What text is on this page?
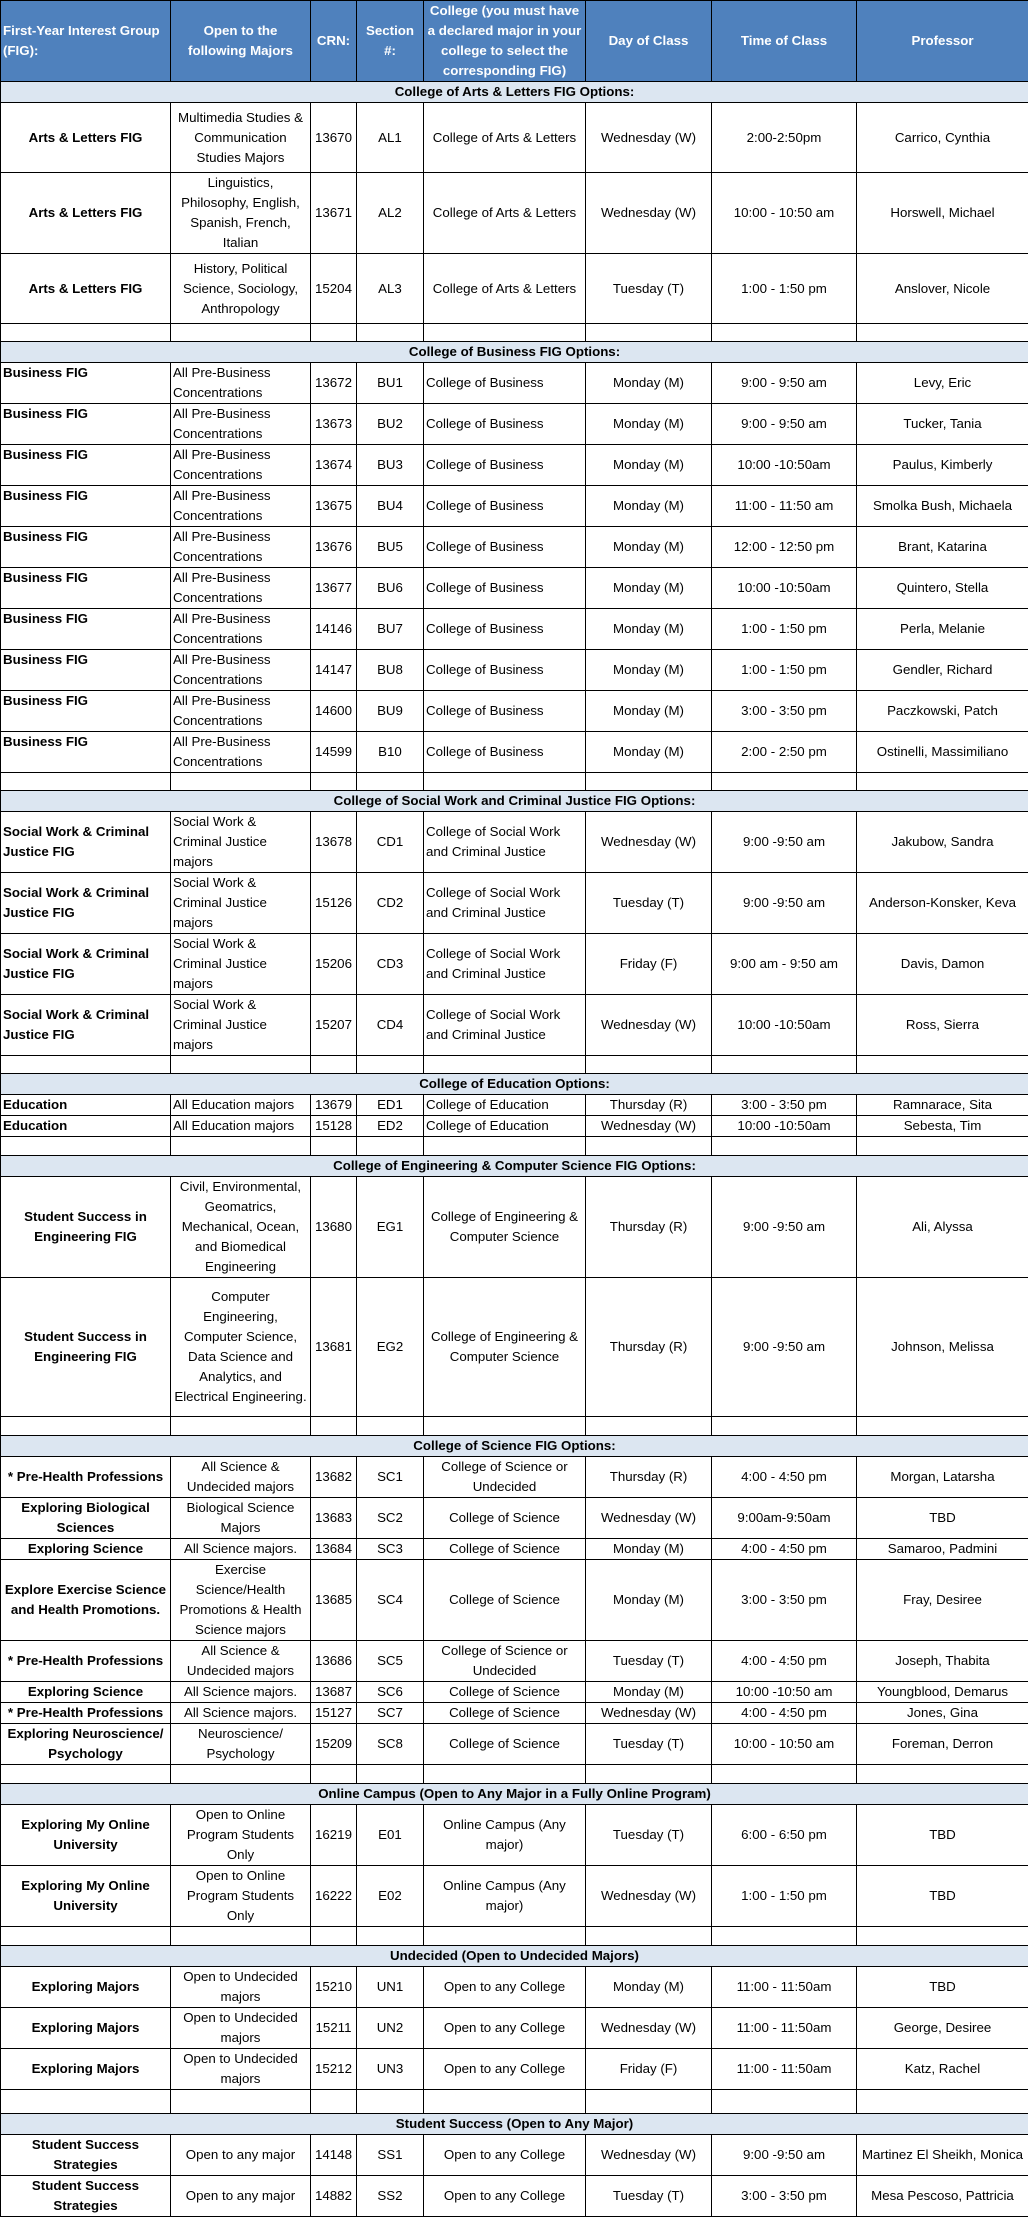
First-Year Interest Group (FIG):	Open to the following Majors	CRN:	Section #:	College (you must have a declared major in your college to select the corresponding FIG)	Day of Class	Time of Class	Professor
College of Arts & Letters FIG Options:							
Arts & Letters FIG	Multimedia Studies & Communication Studies Majors	13670	AL1	College of Arts & Letters	Wednesday (W)	2:00-2:50pm	Carrico, Cynthia
Arts & Letters FIG	Linguistics, Philosophy, English, Spanish, French, Italian	13671	AL2	College of Arts & Letters	Wednesday (W)	10:00 - 10:50 am	Horswell, Michael
Arts & Letters FIG	History, Political Science, Sociology, Anthropology	15204	AL3	College of Arts & Letters	Tuesday (T)	1:00 - 1:50 pm	Anslover, Nicole

College of Business FIG Options:							
Business FIG	All Pre-Business Concentrations	13672	BU1	College of Business	Monday (M)	9:00 - 9:50 am	Levy, Eric
Business FIG	All Pre-Business Concentrations	13673	BU2	College of Business	Monday (M)	9:00 - 9:50 am	Tucker, Tania
Business FIG	All Pre-Business Concentrations	13674	BU3	College of Business	Monday (M)	10:00 -10:50am	Paulus, Kimberly
Business FIG	All Pre-Business Concentrations	13675	BU4	College of Business	Monday (M)	11:00 - 11:50 am	Smolka Bush, Michaela
Business FIG	All Pre-Business Concentrations	13676	BU5	College of Business	Monday (M)	12:00 - 12:50 pm	Brant, Katarina
Business FIG	All Pre-Business Concentrations	13677	BU6	College of Business	Monday (M)	10:00 -10:50am	Quintero, Stella
Business FIG	All Pre-Business Concentrations	14146	BU7	College of Business	Monday (M)	1:00 - 1:50 pm	Perla, Melanie
Business FIG	All Pre-Business Concentrations	14147	BU8	College of Business	Monday (M)	1:00 - 1:50 pm	Gendler, Richard
Business FIG	All Pre-Business Concentrations	14600	BU9	College of Business	Monday (M)	3:00 - 3:50 pm	Paczkowski, Patch
Business FIG	All Pre-Business Concentrations	14599	B10	College of Business	Monday (M)	2:00 - 2:50 pm	Ostinelli, Massimiliano

College of Social Work and Criminal Justice FIG Options:							
Social Work & Criminal Justice FIG	Social Work & Criminal Justice majors	13678	CD1	College of Social Work and Criminal Justice	Wednesday (W)	9:00 -9:50 am	Jakubow, Sandra
Social Work & Criminal Justice FIG	Social Work & Criminal Justice majors	15126	CD2	College of Social Work and Criminal Justice	Tuesday (T)	9:00 -9:50 am	Anderson-Konsker, Keva
Social Work & Criminal Justice FIG	Social Work & Criminal Justice majors	15206	CD3	College of Social Work and Criminal Justice	Friday (F)	9:00 am - 9:50 am	Davis, Damon
Social Work & Criminal Justice FIG	Social Work & Criminal Justice majors	15207	CD4	College of Social Work and Criminal Justice	Wednesday (W)	10:00 -10:50am	Ross, Sierra

College of Education Options:							
Education	All Education majors	13679	ED1	College of Education	Thursday (R)	3:00 - 3:50 pm	Ramnarace, Sita
Education	All Education majors	15128	ED2	College of Education	Wednesday (W)	10:00 -10:50am	Sebesta, Tim

College of Engineering & Computer Science FIG Options:							
Student Success in Engineering FIG	Civil, Environmental, Geomatrics, Mechanical, Ocean, and Biomedical Engineering	13680	EG1	College of Engineering & Computer Science	Thursday (R)	9:00 -9:50 am	Ali, Alyssa
Student Success in Engineering FIG	Computer Engineering, Computer Science, Data Science and Analytics, and Electrical Engineering.	13681	EG2	College of Engineering & Computer Science	Thursday (R)	9:00 -9:50 am	Johnson, Melissa

College of Science FIG Options:							
* Pre-Health Professions	All Science & Undecided majors	13682	SC1	College of Science or Undecided	Thursday (R)	4:00 - 4:50 pm	Morgan, Latarsha
Exploring Biological Sciences	Biological Science Majors	13683	SC2	College of Science	Wednesday (W)	9:00am-9:50am	TBD
Exploring Science	All Science majors.	13684	SC3	College of Science	Monday (M)	4:00 - 4:50 pm	Samaroo, Padmini
Explore Exercise Science and Health Promotions.	Exercise Science/Health Promotions & Health Science majors	13685	SC4	College of Science	Monday (M)	3:00 - 3:50 pm	Fray, Desiree
* Pre-Health Professions	All Science & Undecided majors	13686	SC5	College of Science or Undecided	Tuesday (T)	4:00 - 4:50 pm	Joseph, Thabita
Exploring Science	All Science majors.	13687	SC6	College of Science	Monday (M)	10:00 -10:50 am	Youngblood, Demarus
* Pre-Health Professions	All Science majors.	15127	SC7	College of Science	Wednesday (W)	4:00 - 4:50 pm	Jones, Gina
Exploring Neuroscience/ Psychology	Neuroscience/ Psychology	15209	SC8	College of Science	Tuesday (T)	10:00 - 10:50 am	Foreman, Derron

Online Campus (Open to Any Major in a Fully Online Program)							
Exploring My Online University	Open to Online Program Students Only	16219	E01	Online Campus (Any major)	Tuesday (T)	6:00 - 6:50 pm	TBD
Exploring My Online University	Open to Online Program Students Only	16222	E02	Online Campus (Any major)	Wednesday (W)	1:00 - 1:50 pm	TBD

Undecided (Open to Undecided Majors)							
Exploring Majors	Open to Undecided majors	15210	UN1	Open to any College	Monday (M)	11:00 - 11:50am	TBD
Exploring Majors	Open to Undecided majors	15211	UN2	Open to any College	Wednesday (W)	11:00 - 11:50am	George, Desiree
Exploring Majors	Open to Undecided majors	15212	UN3	Open to any College	Friday (F)	11:00 - 11:50am	Katz, Rachel

Student Success (Open to Any Major)							
Student Success Strategies	Open to any major	14148	SS1	Open to any College	Wednesday (W)	9:00 -9:50 am	Martinez El Sheikh, Monica
Student Success Strategies	Open to any major	14882	SS2	Open to any College	Tuesday (T)	3:00 - 3:50 pm	Mesa Pescoso, Pattricia
